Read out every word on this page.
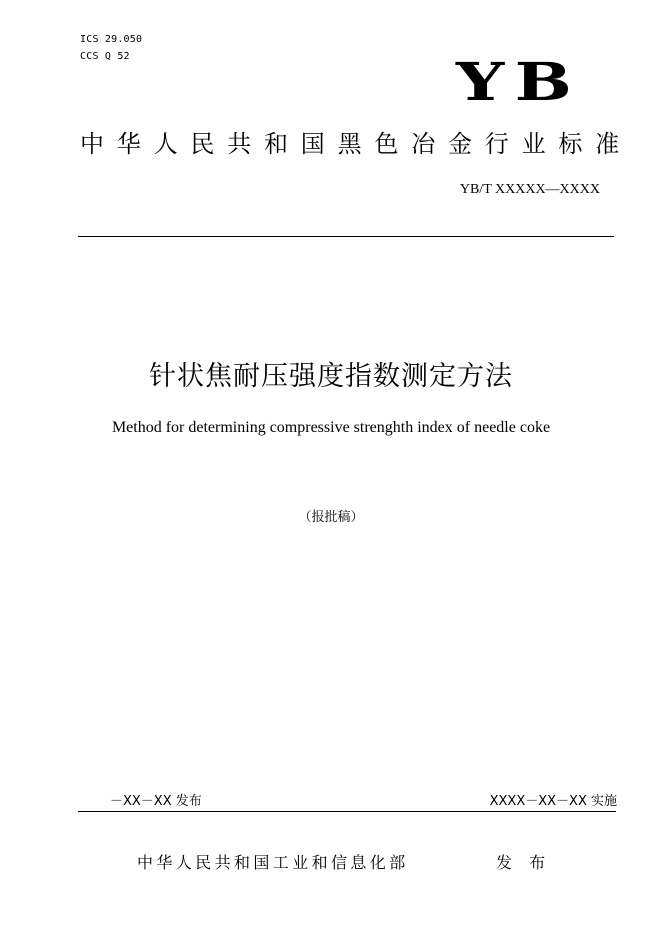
ICS 29.050
CCS Q 52	YB
中华人民共和国黑色冶金行业标准
YB/T XXXXX—XXXX
针状焦耐压强度指数测定方法
Method for determining compressive strenghth index of needle coke
（报批稿）
－XX－XX 发布	XXXX－XX－XX 实施
中华人民共和国工业和信息化部	发 布
